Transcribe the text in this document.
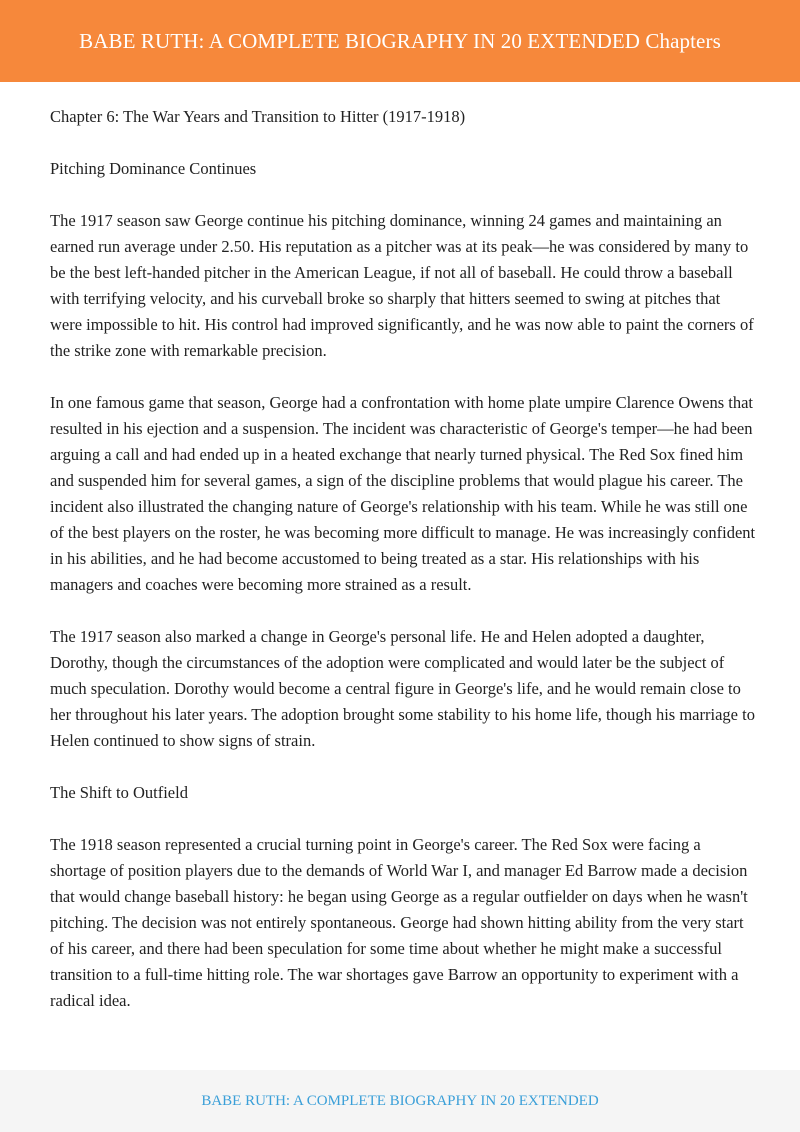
BABE RUTH: A COMPLETE BIOGRAPHY IN 20 EXTENDED Chapters

Chapter 6: The War Years and Transition to Hitter (1917-1918)

Pitching Dominance Continues

The 1917 season saw George continue his pitching dominance, winning 24 games and maintaining an earned run average under 2.50. His reputation as a pitcher was at its peak—he was considered by many to be the best left-handed pitcher in the American League, if not all of baseball. He could throw a baseball with terrifying velocity, and his curveball broke so sharply that hitters seemed to swing at pitches that were impossible to hit. His control had improved significantly, and he was now able to paint the corners of the strike zone with remarkable precision.

In one famous game that season, George had a confrontation with home plate umpire Clarence Owens that resulted in his ejection and a suspension. The incident was characteristic of George's temper—he had been arguing a call and had ended up in a heated exchange that nearly turned physical. The Red Sox fined him and suspended him for several games, a sign of the discipline problems that would plague his career. The incident also illustrated the changing nature of George's relationship with his team. While he was still one of the best players on the roster, he was becoming more difficult to manage. He was increasingly confident in his abilities, and he had become accustomed to being treated as a star. His relationships with his managers and coaches were becoming more strained as a result.

The 1917 season also marked a change in George's personal life. He and Helen adopted a daughter, Dorothy, though the circumstances of the adoption were complicated and would later be the subject of much speculation. Dorothy would become a central figure in George's life, and he would remain close to her throughout his later years. The adoption brought some stability to his home life, though his marriage to Helen continued to show signs of strain.

The Shift to Outfield

The 1918 season represented a crucial turning point in George's career. The Red Sox were facing a shortage of position players due to the demands of World War I, and manager Ed Barrow made a decision that would change baseball history: he began using George as a regular outfielder on days when he wasn't pitching. The decision was not entirely spontaneous. George had shown hitting ability from the very start of his career, and there had been speculation for some time about whether he might make a successful transition to a full-time hitting role. The war shortages gave Barrow an opportunity to experiment with a radical idea.

BABE RUTH: A COMPLETE BIOGRAPHY IN 20 EXTENDED
